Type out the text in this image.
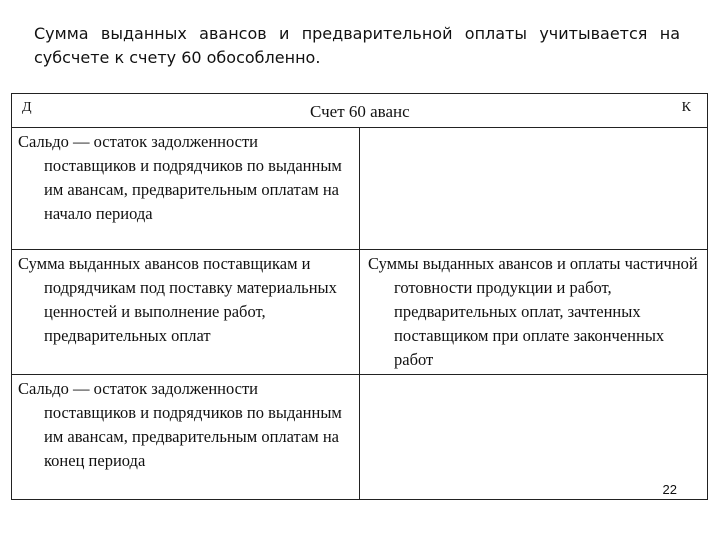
Сумма выданных авансов и предварительной оплаты учитывается на субсчете к счету 60 обособленно.

Д Счет 60 аванс К	

Сальдо — остаток задолженности поставщиков и подрядчиков по выданным им авансам, предварительным оплатам на начало периода	

Сумма выданных авансов поставщикам и подрядчикам под поставку материальных ценностей и выполнение работ, предварительных оплат	Суммы выданных авансов и оплаты частичной готовности продукции и работ, предварительных оплат, зачтенных поставщиком при оплате законченных работ

Сальдо — остаток задолженности поставщиков и подрядчиков по выданным им авансам, предварительным оплатам на конец периода	22
